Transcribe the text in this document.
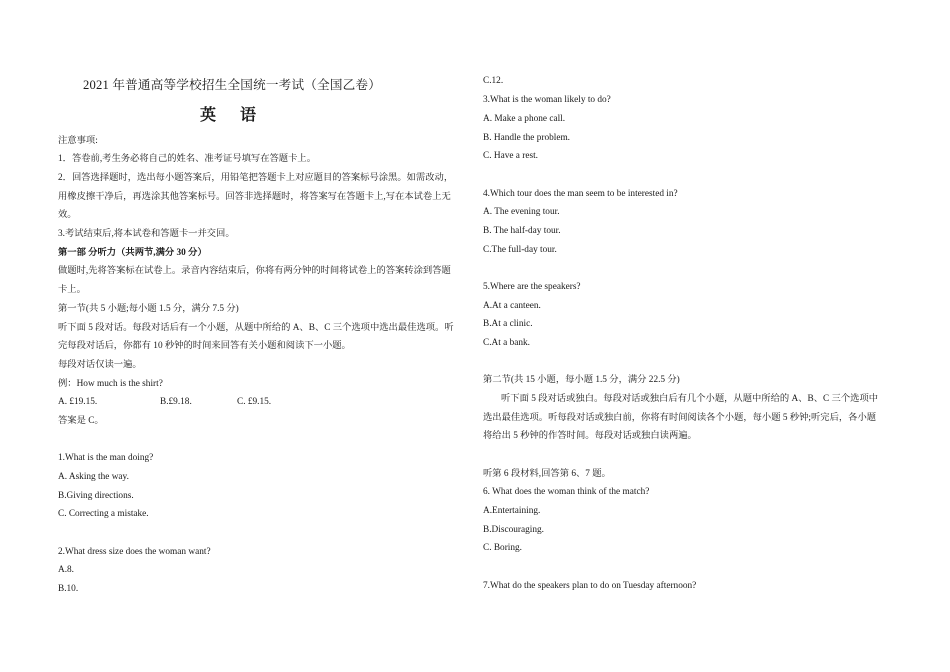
2021 年普通高等学校招生全国统一考试（全国乙卷）
英 语
注意事项:
1．答卷前,考生务必将自己的姓名、准考证号填写在答题卡上。
2．回答选择题时，选出每小题答案后，用铅笔把答题卡上对应题目的答案标号涂黑。如需改动，
用橡皮擦干净后，再选涂其他答案标号。回答非选择题时，将答案写在答题卡上,写在本试卷上无
效。
3.考试结束后,将本试卷和答题卡一并交回。
第一部 分听力（共两节,满分 30 分）
做题时,先将答案标在试卷上。录音内容结束后，你将有两分钟的时间将试卷上的答案转涂到答题
卡上。
第一节(共 5 小题;每小题 1.5 分，满分 7.5 分)
听下面 5 段对话。每段对话后有一个小题，从题中所给的 A、B、C 三个选项中选出最佳选项。听
完每段对话后，你都有 10 秒钟的时间来回答有关小题和阅读下一小题。
每段对话仅读一遍。
例：How much is the shirt?
A. £19.15.	B.£9.18.	C. £9.15.
答案是 C。
1.What is the man doing?
A. Asking the way.
B.Giving directions.
C. Correcting a mistake.
2.What dress size does the woman want?
A.8.
B.10.
C.12.
3.What is the woman likely to do?
A. Make a phone call.
B. Handle the problem.
C. Have a rest.
4.Which tour does the man seem to be interested in?
A. The evening tour.
B. The half-day tour.
C.The full-day tour.
5.Where are the speakers?
A.At a canteen.
B.At a clinic.
C.At a bank.
第二节(共 15 小题，每小题 1.5 分，满分 22.5 分)
听下面 5 段对话或独白。每段对话或独白后有几个小题，从题中所给的 A、B、C 三个选项中
选出最佳选项。听每段对话或独白前，你将有时间阅读各个小题，每小题 5 秒钟;听完后，各小题
将给出 5 秒钟的作答时间。每段对话或独白读两遍。
听第 6 段材料,回答第 6、7 题。
6. What does the woman think of the match?
A.Entertaining.
B.Discouraging.
C. Boring.
7.What do the speakers plan to do on Tuesday afternoon?
